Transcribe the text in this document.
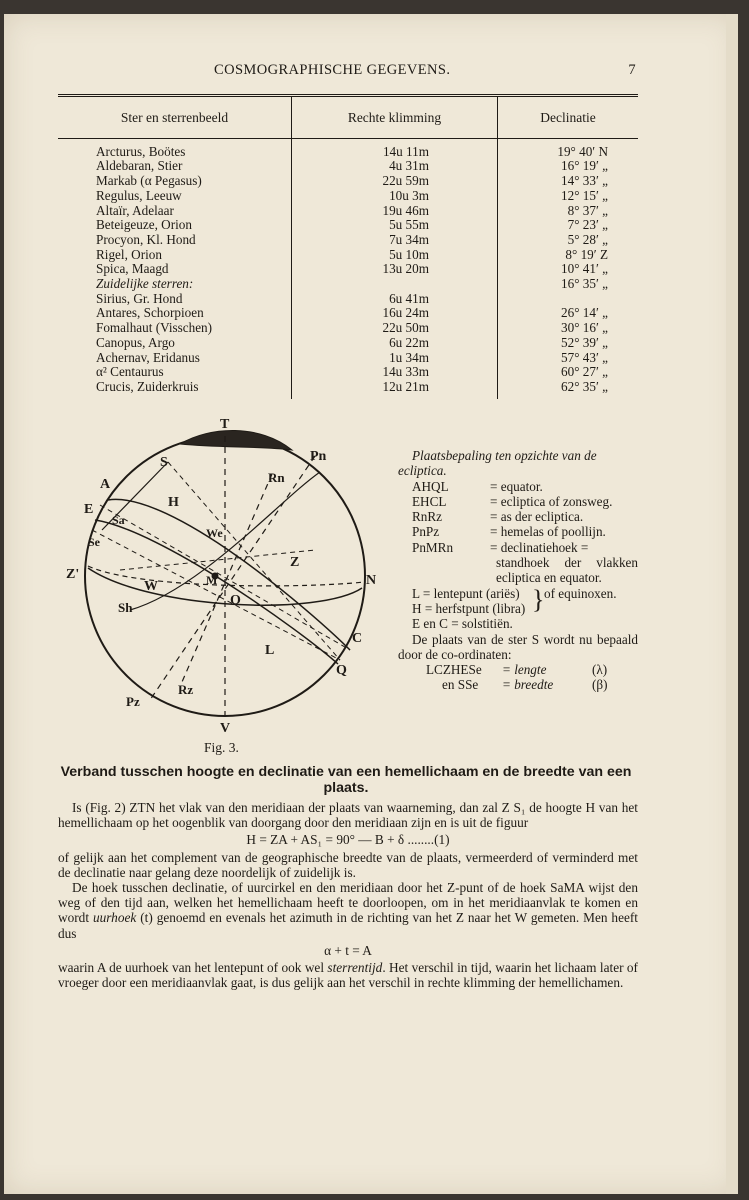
COSMOGRAPHISCHE GEGEVENS.	7
Ster en sterrenbeeld	Rechte klimming	Declinatie
Arcturus, Boötes	14u 11m	19° 40′ N
Aldebaran, Stier	4u 31m	16° 19′ „
Markab (α Pegasus)	22u 59m	14° 33′ „
Regulus, Leeuw	10u 3m	12° 15′ „
Altaïr, Adelaar	19u 46m	8° 37′ „
Beteigeuze, Orion	5u 55m	7° 23′ „
Procyon, Kl. Hond	7u 34m	5° 28′ „
Rigel, Orion	5u 10m	8° 19′ Z
Spica, Maagd	13u 20m	10° 41′ „
Zuidelijke sterren:		16° 35′ „
Sirius, Gr. Hond	6u 41m	
Antares, Schorpioen	16u 24m	26° 14′ „
Fomalhaut (Visschen)	22u 50m	30° 16′ „
Canopus, Argo	6u 22m	52° 39′ „
Achernav, Eridanus	1u 34m	57° 43′ „
α² Centaurus	14u 33m	60° 27′ „
Crucis, Zuiderkruis	12u 21m	62° 35′ „
T
S	Pn
Rn
A
H
E
Sa
Se
We
Z'
Z
N
M
W
O
Sh
C
L
Q
Rz
Pz
V
Fig. 3.
Plaatsbepaling ten opzichte van de ecliptica.
AHQL	= equator.
EHCL	= ecliptica of zonsweg.
RnRz	= as der ecliptica.
PnPz	= hemelas of poollijn.
PnMRn	= declinatiehoek =
standhoek der vlakken ecliptica en equator.
L = lentepunt (ariës)
H = herfstpunt (libra) } of equinoxen.
E en C = solstitiën.
De plaats van de ster S wordt nu bepaald door de co-ordinaten:
LCZHESe	= lengte	(λ)
en SSe	= breedte	(β)
Verband tusschen hoogte en declinatie van een hemellichaam en de breedte van een plaats.

Is (Fig. 2) ZTN het vlak van den meridiaan der plaats van waarneming, dan zal Z S₁ de hoogte H van het hemellichaam op het oogenblik van doorgang door den meridiaan zijn en is uit de figuur

H = ZA + AS₁ = 90° — B + δ ........(1)

of gelijk aan het complement van de geographische breedte van de plaats, vermeerderd of verminderd met de declinatie naar gelang deze noordelijk of zuidelijk is.

De hoek tusschen declinatie, of uurcirkel en den meridiaan door het Z-punt of de hoek SaMA wijst den weg of den tijd aan, welken het hemellichaam heeft te doorloopen, om in het meridiaanvlak te komen en wordt uurhoek (t) genoemd en evenals het azimuth in de richting van het Z naar het W gemeten. Men heeft dus

α + t = A

waarin A de uurhoek van het lentepunt of ook wel sterrentijd. Het verschil in tijd, waarin het lichaam later of vroeger door een meridiaanvlak gaat, is dus gelijk aan het verschil in rechte klimming der hemellichamen.
